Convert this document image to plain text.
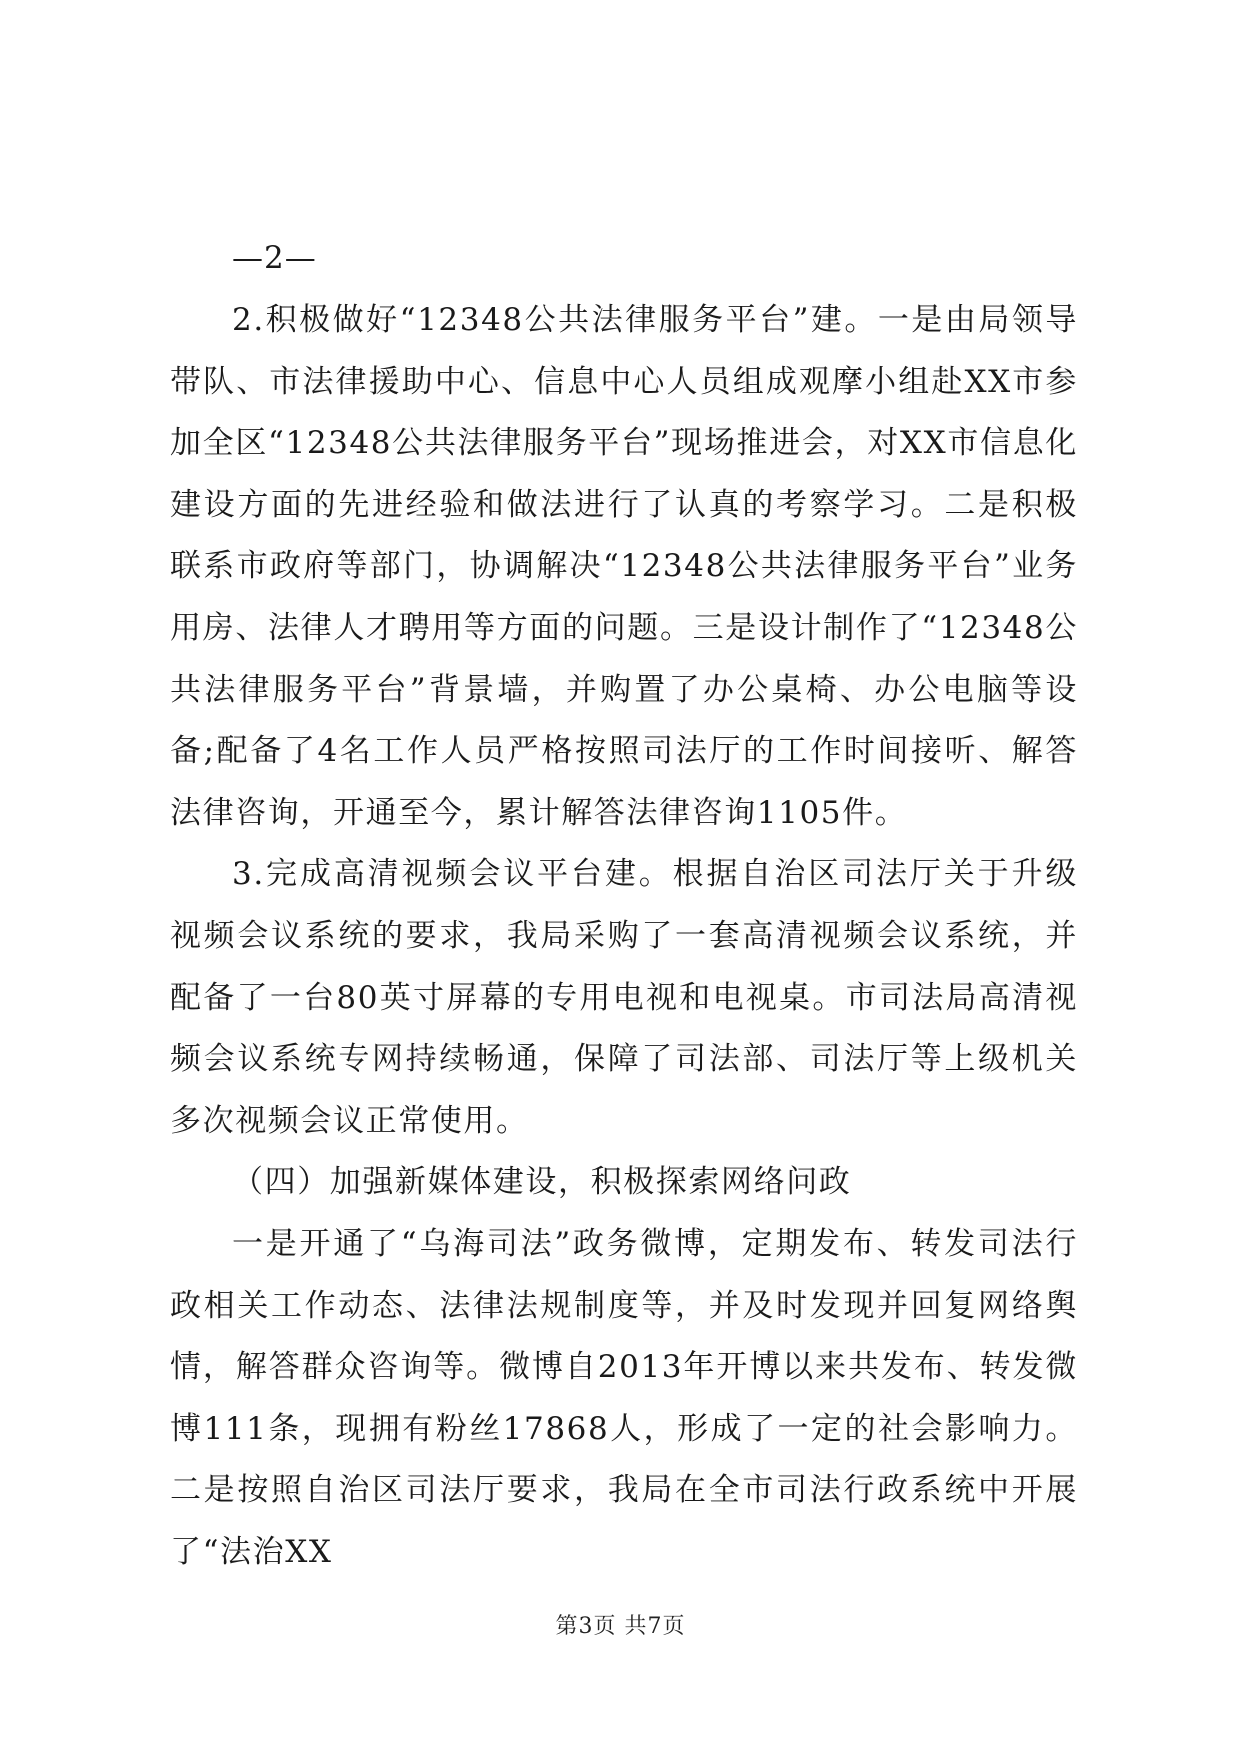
—2—

2.积极做好“12348公共法律服务平台”建。一是由局领导带队、市法律援助中心、信息中心人员组成观摩小组赴XX市参加全区“12348公共法律服务平台”现场推进会，对XX市信息化建设方面的先进经验和做法进行了认真的考察学习。二是积极联系市政府等部门，协调解决“12348公共法律服务平台”业务用房、法律人才聘用等方面的问题。三是设计制作了“12348公共法律服务平台”背景墙，并购置了办公桌椅、办公电脑等设备;配备了4名工作人员严格按照司法厅的工作时间接听、解答法律咨询，开通至今，累计解答法律咨询1105件。

3.完成高清视频会议平台建。根据自治区司法厅关于升级视频会议系统的要求，我局采购了一套高清视频会议系统，并配备了一台80英寸屏幕的专用电视和电视桌。市司法局高清视频会议系统专网持续畅通，保障了司法部、司法厅等上级机关多次视频会议正常使用。

（四）加强新媒体建设，积极探索网络问政

一是开通了“乌海司法”政务微博，定期发布、转发司法行政相关工作动态、法律法规制度等，并及时发现并回复网络舆情，解答群众咨询等。微博自2013年开博以来共发布、转发微博111条，现拥有粉丝17868人，形成了一定的社会影响力。二是按照自治区司法厅要求，我局在全市司法行政系统中开展了“法治XX

第3页 共7页
